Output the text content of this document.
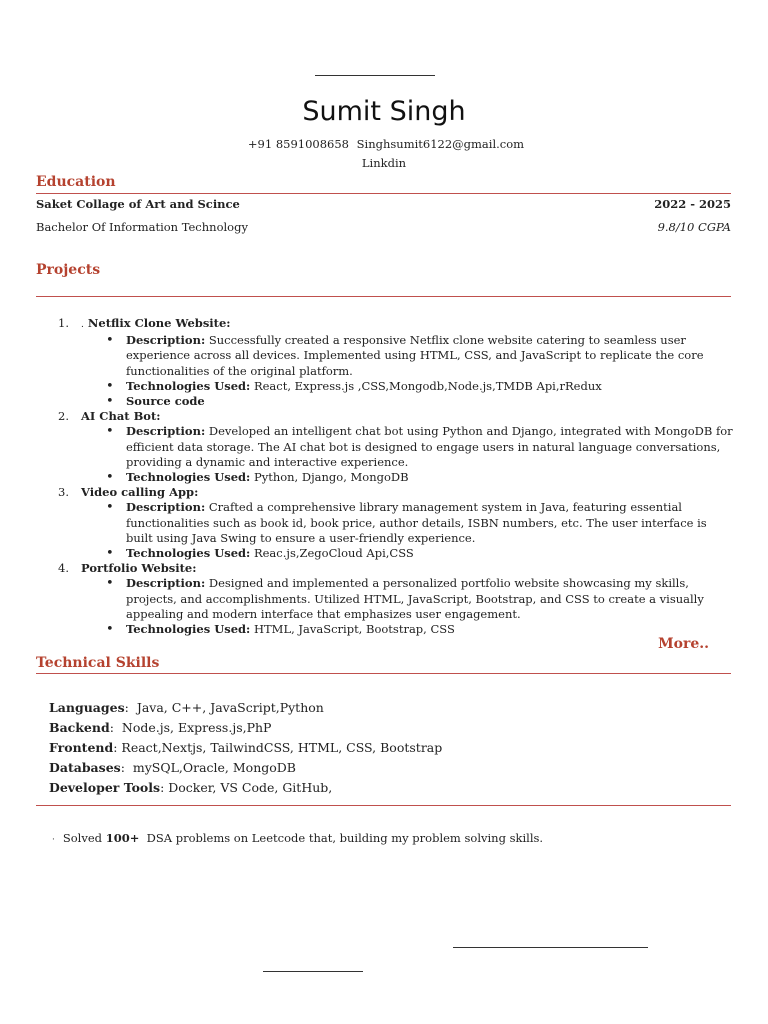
Sumit Singh
+91 8591008658 Singhsumit6122@gmail.com
Linkdin
Education
Saket Collage of Art and Scince	2022 - 2025
Bachelor Of Information Technology	9.8/10 CGPA
Projects
1. . Netflix Clone Website:
• Description: Successfully created a responsive Netflix clone website catering to seamless user experience across all devices. Implemented using HTML, CSS, and JavaScript to replicate the core functionalities of the original platform.
• Technologies Used: React, Express.js ,CSS,Mongodb,Node.js,TMDB Api,rRedux
• Source code
2. AI Chat Bot:
• Description: Developed an intelligent chat bot using Python and Django, integrated with MongoDB for efficient data storage. The AI chat bot is designed to engage users in natural language conversations, providing a dynamic and interactive experience.
• Technologies Used: Python, Django, MongoDB
3. Video calling App:
• Description: Crafted a comprehensive library management system in Java, featuring essential functionalities such as book id, book price, author details, ISBN numbers, etc. The user interface is built using Java Swing to ensure a user-friendly experience.
• Technologies Used: Reac.js,ZegoCloud Api,CSS
4. Portfolio Website:
• Description: Designed and implemented a personalized portfolio website showcasing my skills, projects, and accomplishments. Utilized HTML, JavaScript, Bootstrap, and CSS to create a visually appealing and modern interface that emphasizes user engagement.
• Technologies Used: HTML, JavaScript, Bootstrap, CSS
More..
Technical Skills
Languages:  Java, C++, JavaScript,Python
Backend:  Node.js, Express.js,PhP
Frontend: React,Nextjs, TailwindCSS, HTML, CSS, Bootstrap
Databases:  mySQL,Oracle, MongoDB
Developer Tools: Docker, VS Code, GitHub,
· Solved 100+ DSA problems on Leetcode that, building my problem solving skills.
